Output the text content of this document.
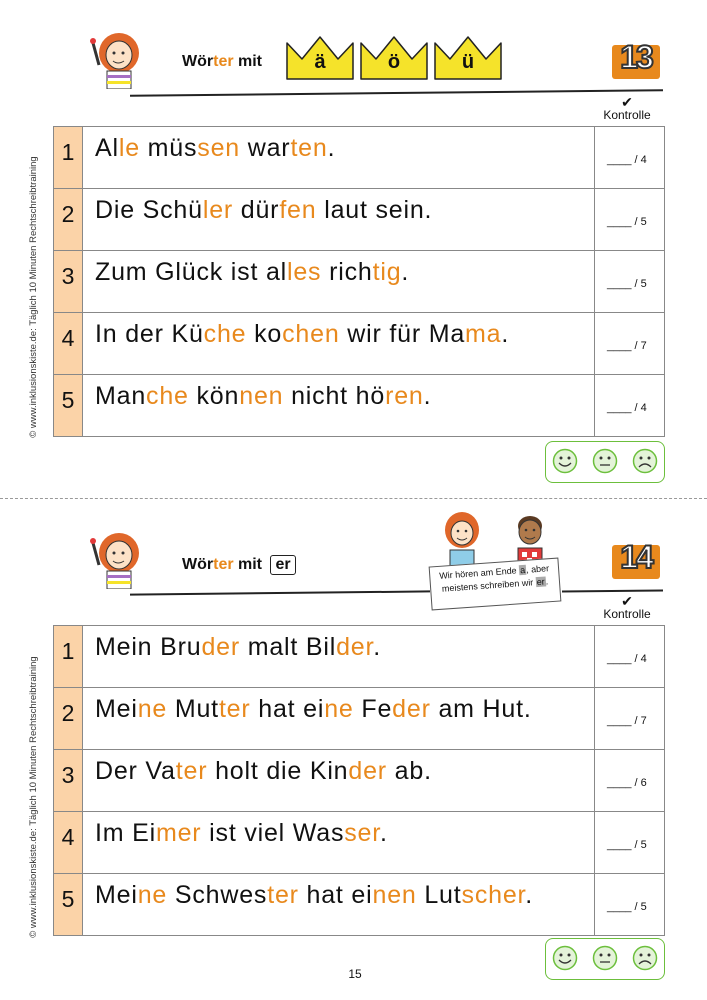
© www.inklusionskiste.de: Täglich 10 Minuten Rechtschreibtraining
Wörter mit	ä	ö	ü	13
✔
Kontrolle
1 Alle müssen warten.	____ / 4
2 Die Schüler dürfen laut sein.	____ / 5
3 Zum Glück ist alles richtig.	____ / 5
4 In der Küche kochen wir für Mama.	____ / 7
5 Manche können nicht hören.	____ / 4
© www.inklusionskiste.de: Täglich 10 Minuten Rechtschreibtraining
Wörter mit er
Wir hören am Ende a, aber
meistens schreiben wir er.
14
✔
Kontrolle
1 Mein Bruder malt Bilder.	____ / 4
2 Meine Mutter hat eine Feder am Hut.	____ / 7
3 Der Vater holt die Kinder ab.	____ / 6
4 Im Eimer ist viel Wasser.	____ / 5
5 Meine Schwester hat einen Lutscher.	____ / 5
15
